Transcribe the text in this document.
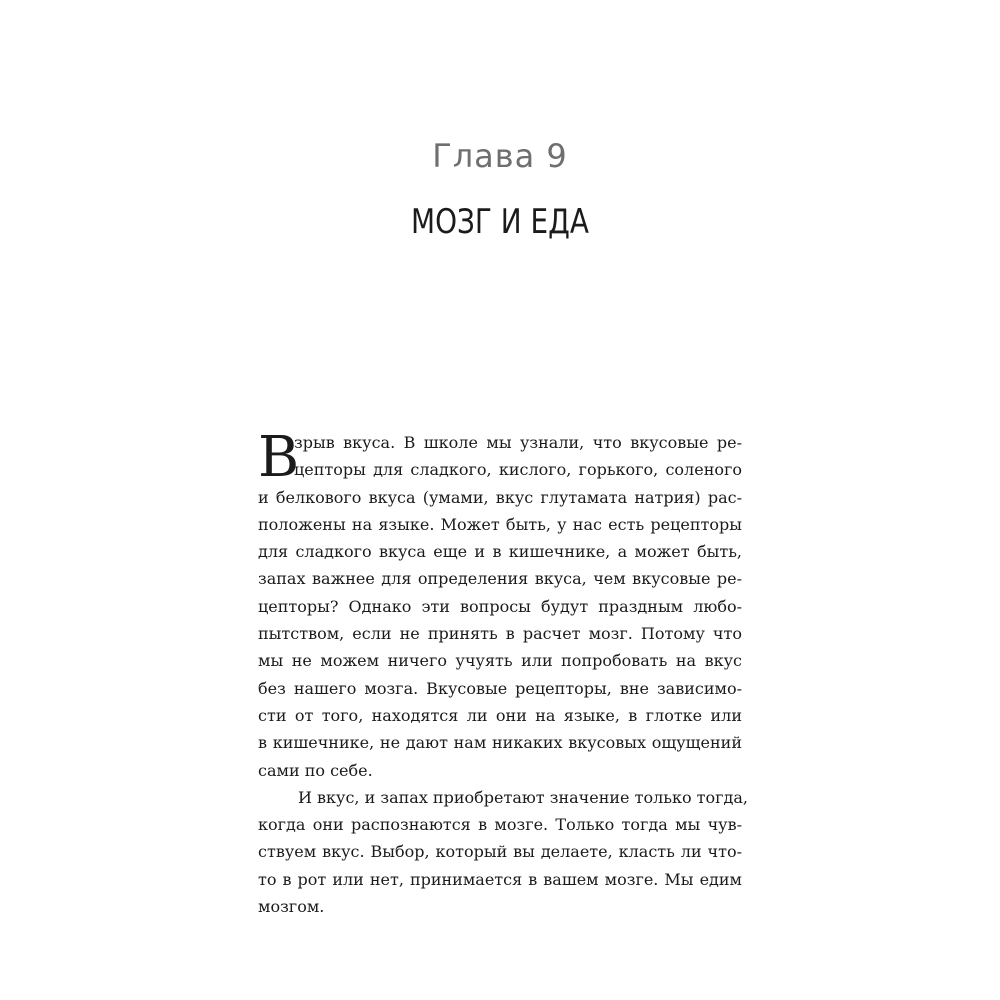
Глава 9
МОЗГ И ЕДА
В
зрыв вкуса. В школе мы узнали, что вкусовые ре-
цепторы для сладкого, кислого, горького, соленого
и белкового вкуса (умами, вкус глутамата натрия) рас-
положены на языке. Может быть, у нас есть рецепторы
для сладкого вкуса еще и в кишечнике, а может быть,
запах важнее для определения вкуса, чем вкусовые ре-
цепторы? Однако эти вопросы будут праздным любо-
пытством, если не принять в расчет мозг. Потому что
мы не можем ничего учуять или попробовать на вкус
без нашего мозга. Вкусовые рецепторы, вне зависимо-
сти от того, находятся ли они на языке, в глотке или
в кишечнике, не дают нам никаких вкусовых ощущений
сами по себе.
И вкус, и запах приобретают значение только тогда,
когда они распознаются в мозге. Только тогда мы чув-
ствуем вкус. Выбор, который вы делаете, класть ли что-
то в рот или нет, принимается в вашем мозге. Мы едим
мозгом.
